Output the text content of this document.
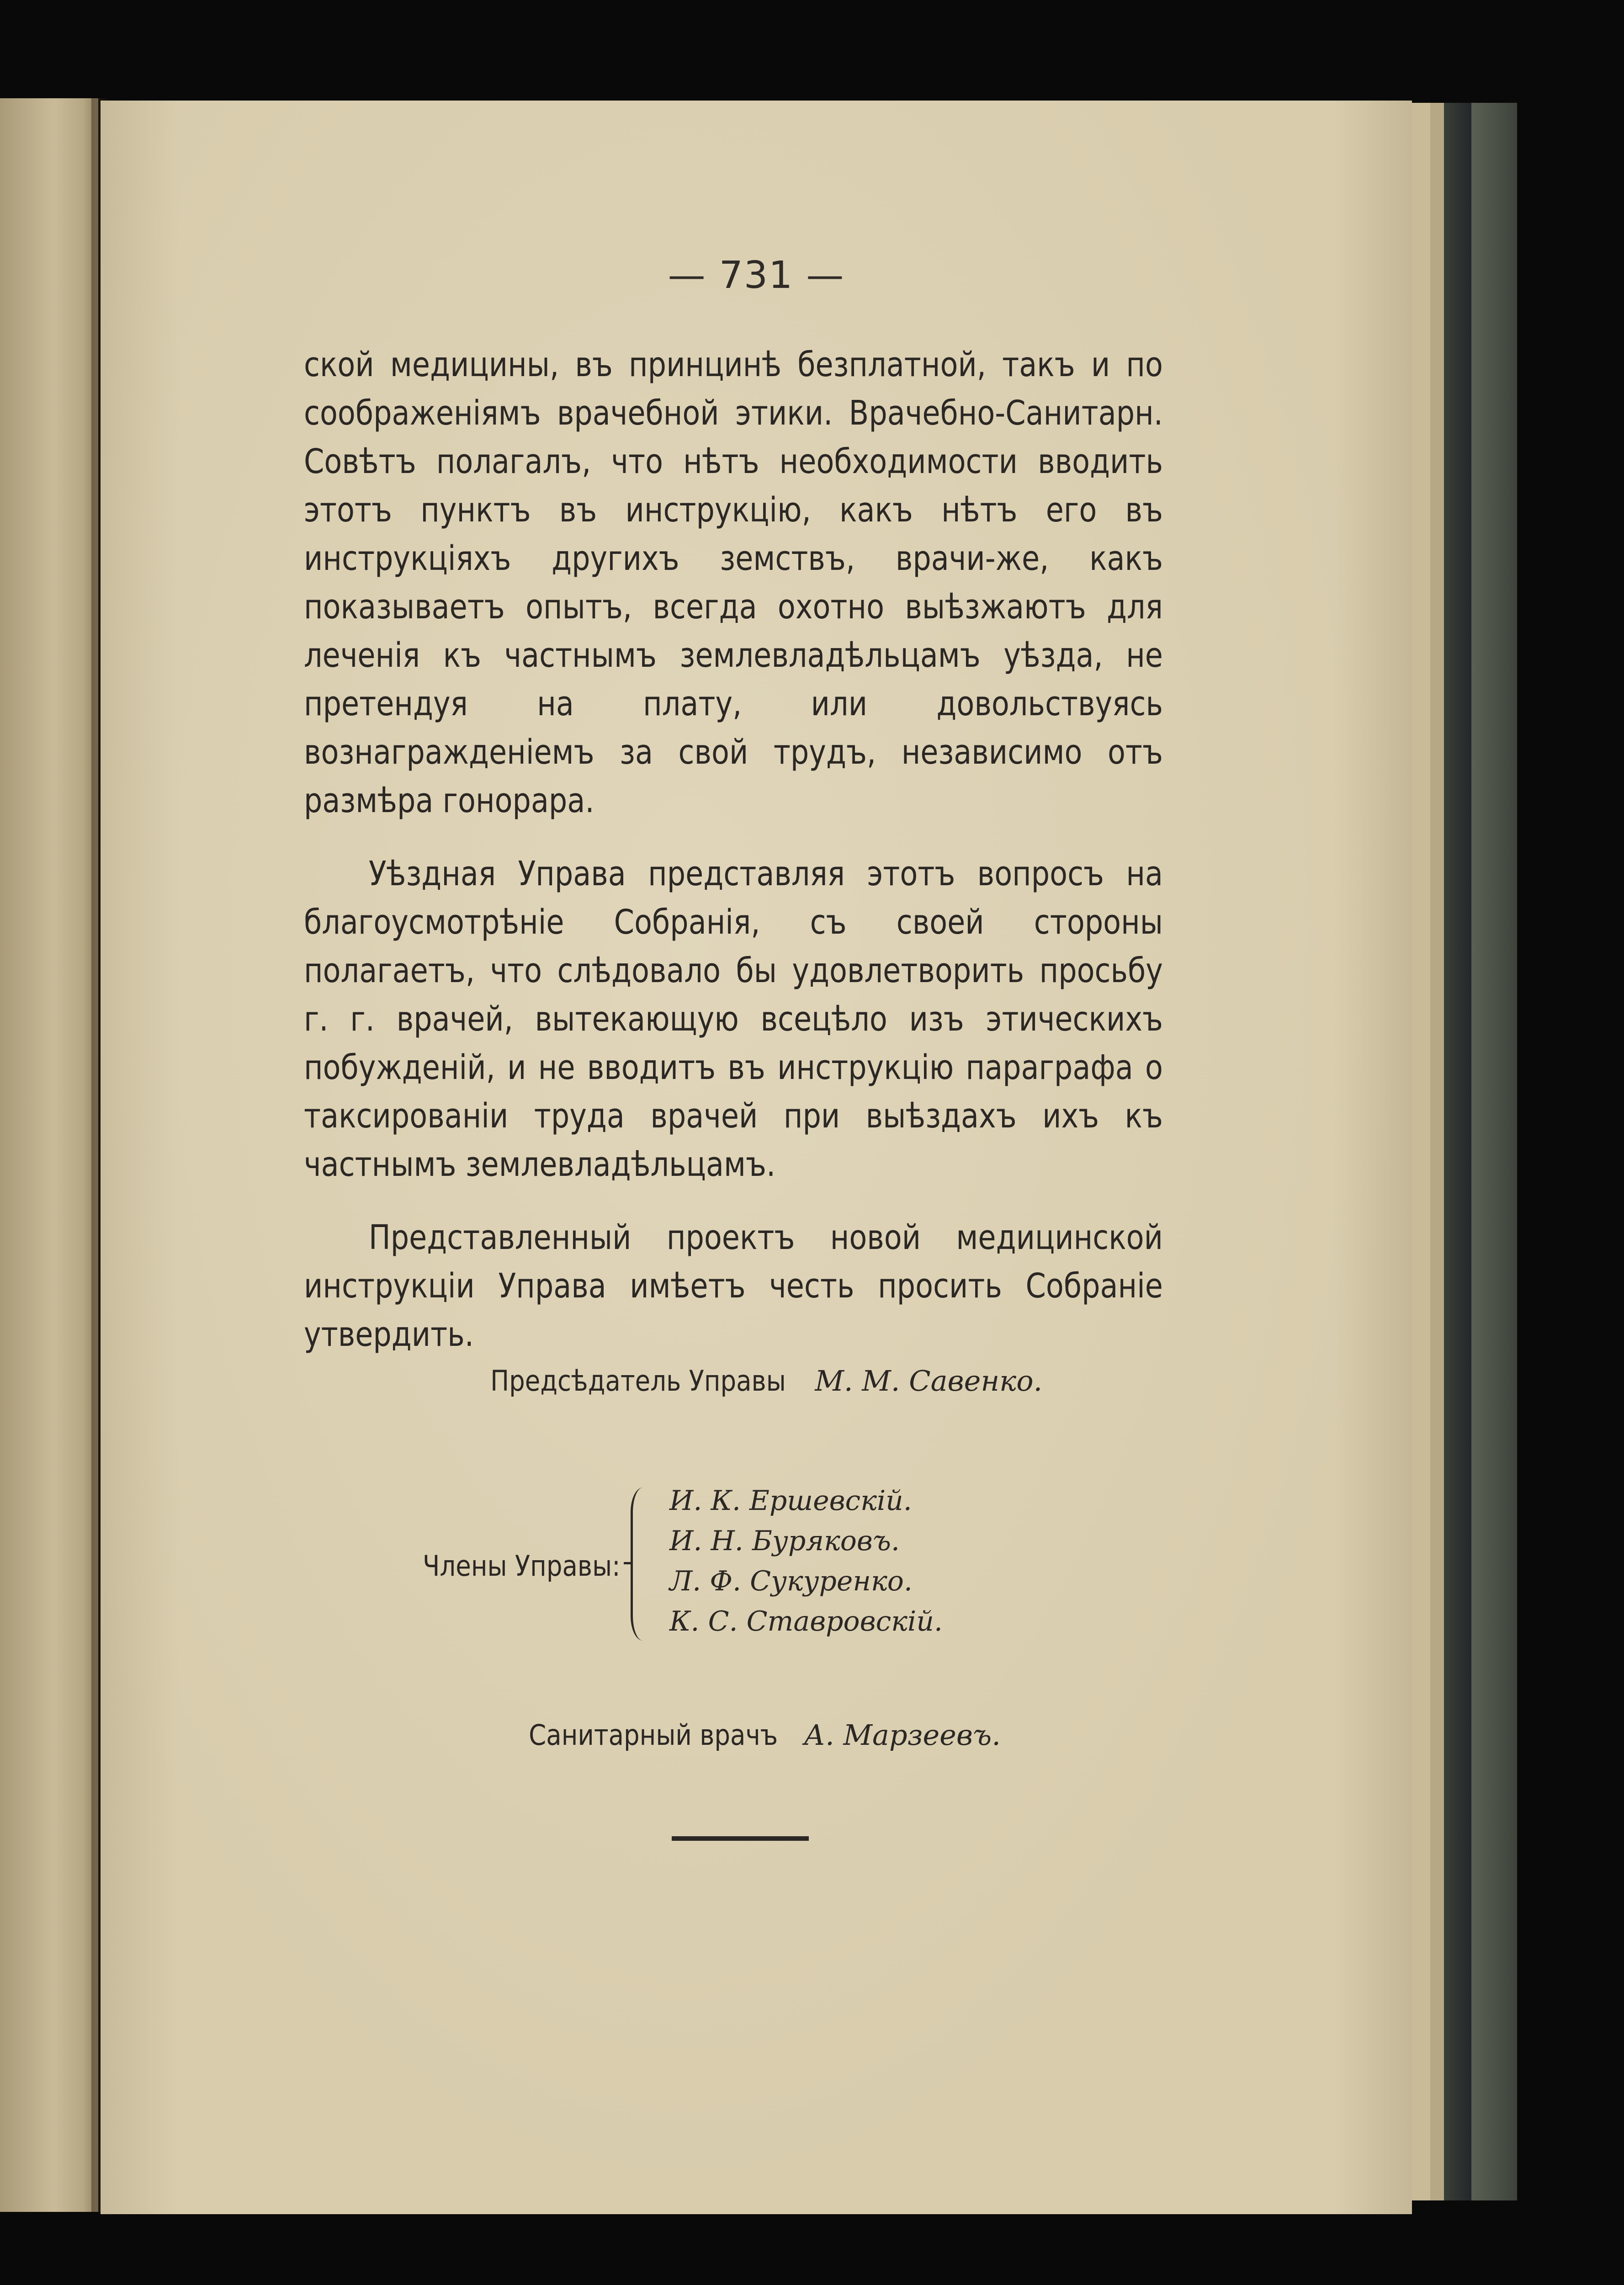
— 731 —

ской медицины, въ принцинѣ безплатной, такъ и по соображеніямъ врачебной этики. Врачебно-Санитарн. Совѣтъ полагалъ, что нѣтъ необходимости вводить этотъ пунктъ въ инструкцію, какъ нѣтъ его въ инструкціяхъ другихъ земствъ, врачи-же, какъ показываетъ опытъ, всегда охотно выѣзжаютъ для леченія къ частнымъ землевладѣльцамъ уѣзда, не претендуя на плату, или довольствуясь вознагражденіемъ за свой трудъ, независимо отъ размѣра гонорара.

Уѣздная Управа представляя этотъ вопросъ на благоусмотрѣніе Собранія, съ своей стороны полагаетъ, что слѣдовало бы удовлетворить просьбу г. г. врачей, вытекающую всецѣло изъ этическихъ побужденій, и не вводитъ въ инструкцію параграфа о таксированіи труда врачей при выѣздахъ ихъ къ частнымъ землевладѣльцамъ.

Представленный проектъ новой медицинской инструкціи Управа имѣетъ честь просить Собраніе утвердить.

Предсѣдатель Управы М. М. Савенко.
Члены Управы:
И. К. Ершевскій.
И. Н. Буряковъ.
Л. Ф. Сукуренко.
К. С. Ставровскій.
Санитарный врачъ А. Марзеевъ.
